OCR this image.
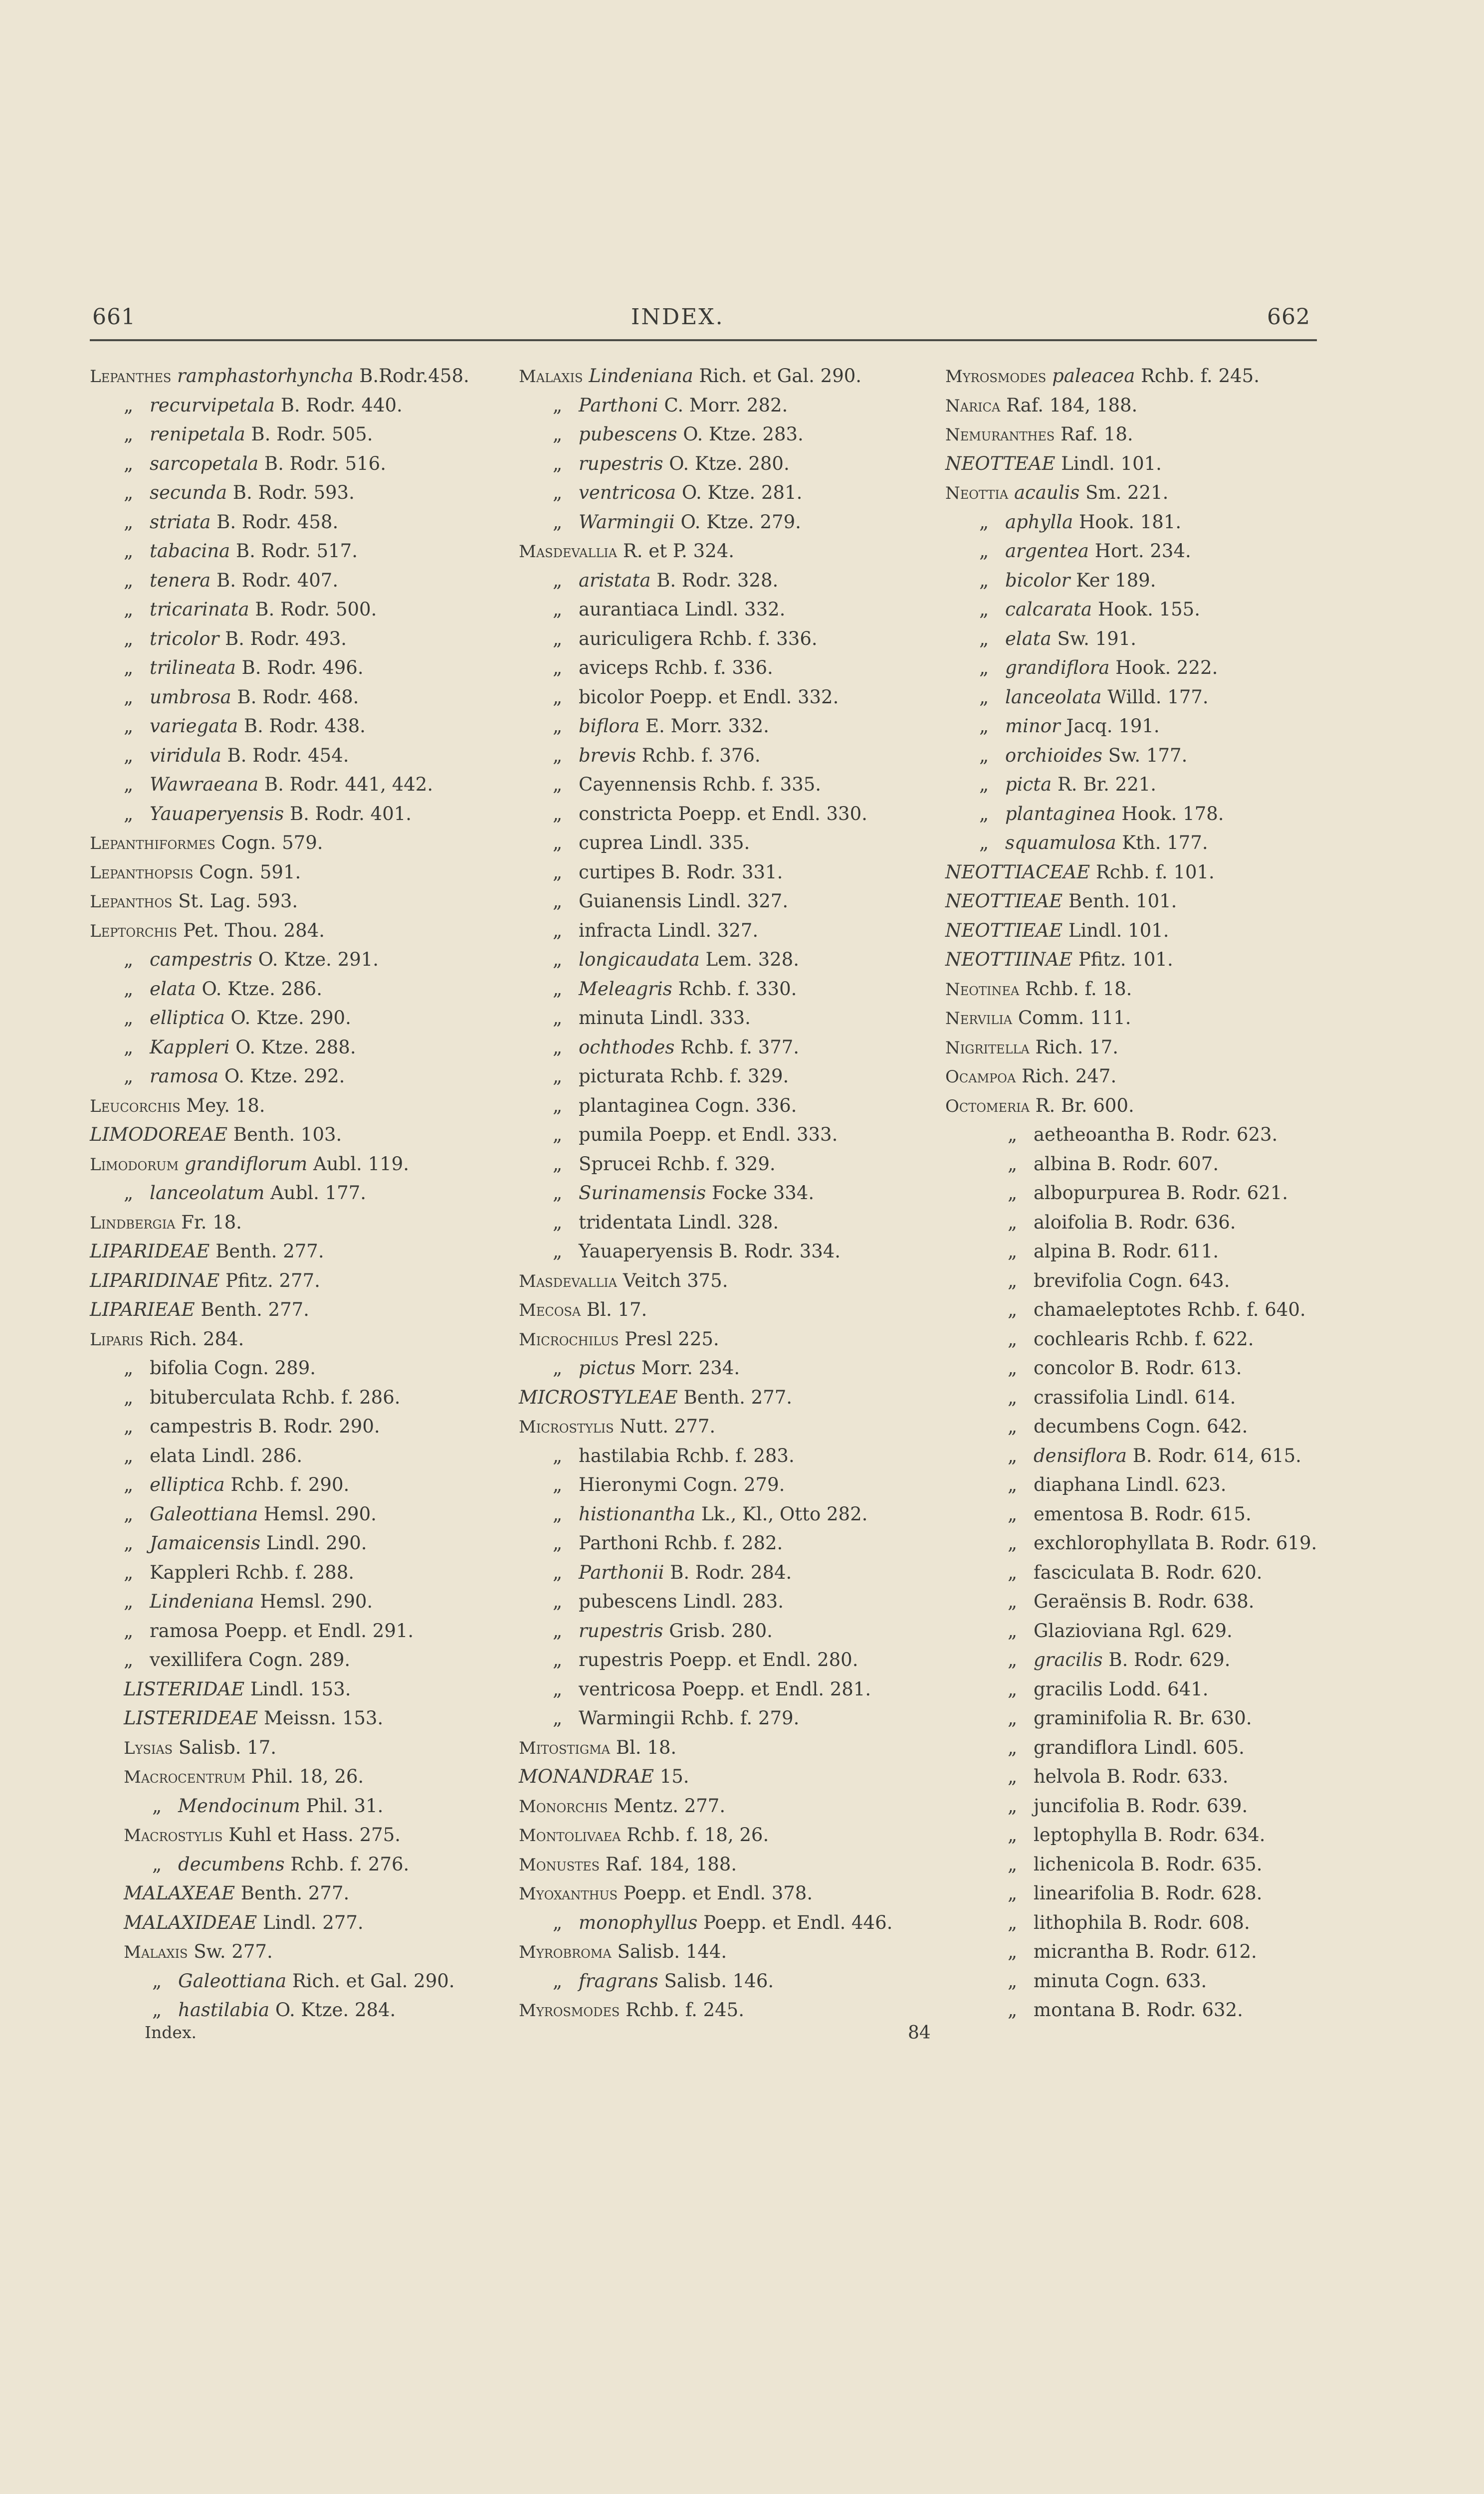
661	INDEX.	662
Lepanthes ramphastorhyncha B.Rodr.458.
„ recurvipetala B. Rodr. 440.
„ renipetala B. Rodr. 505.
„ sarcopetala B. Rodr. 516.
„ secunda B. Rodr. 593.
„ striata B. Rodr. 458.
„ tabacina B. Rodr. 517.
„ tenera B. Rodr. 407.
„ tricarinata B. Rodr. 500.
„ tricolor B. Rodr. 493.
„ trilineata B. Rodr. 496.
„ umbrosa B. Rodr. 468.
„ variegata B. Rodr. 438.
„ viridula B. Rodr. 454.
„ Wawraeana B. Rodr. 441, 442.
„ Yauaperyensis B. Rodr. 401.
Lepanthiformes Cogn. 579.
Lepanthopsis Cogn. 591.
Lepanthos St. Lag. 593.
Leptorchis Pet. Thou. 284.
„ campestris O. Ktze. 291.
„ elata O. Ktze. 286.
„ elliptica O. Ktze. 290.
„ Kappleri O. Ktze. 288.
„ ramosa O. Ktze. 292.
Leucorchis Mey. 18.
LIMODOREAE Benth. 103.
Limodorum grandiflorum Aubl. 119.
„ lanceolatum Aubl. 177.
Lindbergia Fr. 18.
LIPARIDEAE Benth. 277.
LIPARIDINAE Pfitz. 277.
LIPARIEAE Benth. 277.
Liparis Rich. 284.
„ bifolia Cogn. 289.
„ bituberculata Rchb. f. 286.
„ campestris B. Rodr. 290.
„ elata Lindl. 286.
„ elliptica Rchb. f. 290.
„ Galeottiana Hemsl. 290.
„ Jamaicensis Lindl. 290.
„ Kappleri Rchb. f. 288.
„ Lindeniana Hemsl. 290.
„ ramosa Poepp. et Endl. 291.
„ vexillifera Cogn. 289.
LISTERIDAE Lindl. 153.
LISTERIDEAE Meissn. 153.
Lysias Salisb. 17.
Macrocentrum Phil. 18, 26.
„ Mendocinum Phil. 31.
Macrostylis Kuhl et Hass. 275.
„ decumbens Rchb. f. 276.
MALAXEAE Benth. 277.
MALAXIDEAE Lindl. 277.
Malaxis Sw. 277.
„ Galeottiana Rich. et Gal. 290.
„ hastilabia O. Ktze. 284.
Malaxis Lindeniana Rich. et Gal. 290.
„ Parthoni C. Morr. 282.
„ pubescens O. Ktze. 283.
„ rupestris O. Ktze. 280.
„ ventricosa O. Ktze. 281.
„ Warmingii O. Ktze. 279.
Masdevallia R. et P. 324.
„ aristata B. Rodr. 328.
„ aurantiaca Lindl. 332.
„ auriculigera Rchb. f. 336.
„ aviceps Rchb. f. 336.
„ bicolor Poepp. et Endl. 332.
„ biflora E. Morr. 332.
„ brevis Rchb. f. 376.
„ Cayennensis Rchb. f. 335.
„ constricta Poepp. et Endl. 330.
„ cuprea Lindl. 335.
„ curtipes B. Rodr. 331.
„ Guianensis Lindl. 327.
„ infracta Lindl. 327.
„ longicaudata Lem. 328.
„ Meleagris Rchb. f. 330.
„ minuta Lindl. 333.
„ ochthodes Rchb. f. 377.
„ picturata Rchb. f. 329.
„ plantaginea Cogn. 336.
„ pumila Poepp. et Endl. 333.
„ Sprucei Rchb. f. 329.
„ Surinamensis Focke 334.
„ tridentata Lindl. 328.
„ Yauaperyensis B. Rodr. 334.
Masdevallia Veitch 375.
Mecosa Bl. 17.
Microchilus Presl 225.
„ pictus Morr. 234.
MICROSTYLEAE Benth. 277.
Microstylis Nutt. 277.
„ hastilabia Rchb. f. 283.
„ Hieronymi Cogn. 279.
„ histionantha Lk., Kl., Otto 282.
„ Parthoni Rchb. f. 282.
„ Parthonii B. Rodr. 284.
„ pubescens Lindl. 283.
„ rupestris Grisb. 280.
„ rupestris Poepp. et Endl. 280.
„ ventricosa Poepp. et Endl. 281.
„ Warmingii Rchb. f. 279.
Mitostigma Bl. 18.
MONANDRAE 15.
Monorchis Mentz. 277.
Montolivaea Rchb. f. 18, 26.
Monustes Raf. 184, 188.
Myoxanthus Poepp. et Endl. 378.
„ monophyllus Poepp. et Endl. 446.
Myrobroma Salisb. 144.
„ fragrans Salisb. 146.
Myrosmodes Rchb. f. 245.
Myrosmodes paleacea Rchb. f. 245.
Narica Raf. 184, 188.
Nemuranthes Raf. 18.
NEOTTEAE Lindl. 101.
Neottia acaulis Sm. 221.
„ aphylla Hook. 181.
„ argentea Hort. 234.
„ bicolor Ker 189.
„ calcarata Hook. 155.
„ elata Sw. 191.
„ grandiflora Hook. 222.
„ lanceolata Willd. 177.
„ minor Jacq. 191.
„ orchioides Sw. 177.
„ picta R. Br. 221.
„ plantaginea Hook. 178.
„ squamulosa Kth. 177.
NEOTTIACEAE Rchb. f. 101.
NEOTTIEAE Benth. 101.
NEOTTIEAE Lindl. 101.
NEOTTIINAE Pfitz. 101.
Neotinea Rchb. f. 18.
Nervilia Comm. 111.
Nigritella Rich. 17.
Ocampoa Rich. 247.
Octomeria R. Br. 600.
„ aetheoantha B. Rodr. 623.
„ albina B. Rodr. 607.
„ albopurpurea B. Rodr. 621.
„ aloifolia B. Rodr. 636.
„ alpina B. Rodr. 611.
„ brevifolia Cogn. 643.
„ chamaeleptotes Rchb. f. 640.
„ cochlearis Rchb. f. 622.
„ concolor B. Rodr. 613.
„ crassifolia Lindl. 614.
„ decumbens Cogn. 642.
„ densiflora B. Rodr. 614, 615.
„ diaphana Lindl. 623.
„ ementosa B. Rodr. 615.
„ exchlorophyllata B. Rodr. 619.
„ fasciculata B. Rodr. 620.
„ Geraënsis B. Rodr. 638.
„ Glazioviana Rgl. 629.
„ gracilis B. Rodr. 629.
„ gracilis Lodd. 641.
„ graminifolia R. Br. 630.
„ grandiflora Lindl. 605.
„ helvola B. Rodr. 633.
„ juncifolia B. Rodr. 639.
„ leptophylla B. Rodr. 634.
„ lichenicola B. Rodr. 635.
„ linearifolia B. Rodr. 628.
„ lithophila B. Rodr. 608.
„ micrantha B. Rodr. 612.
„ minuta Cogn. 633.
„ montana B. Rodr. 632.
Index.	84
